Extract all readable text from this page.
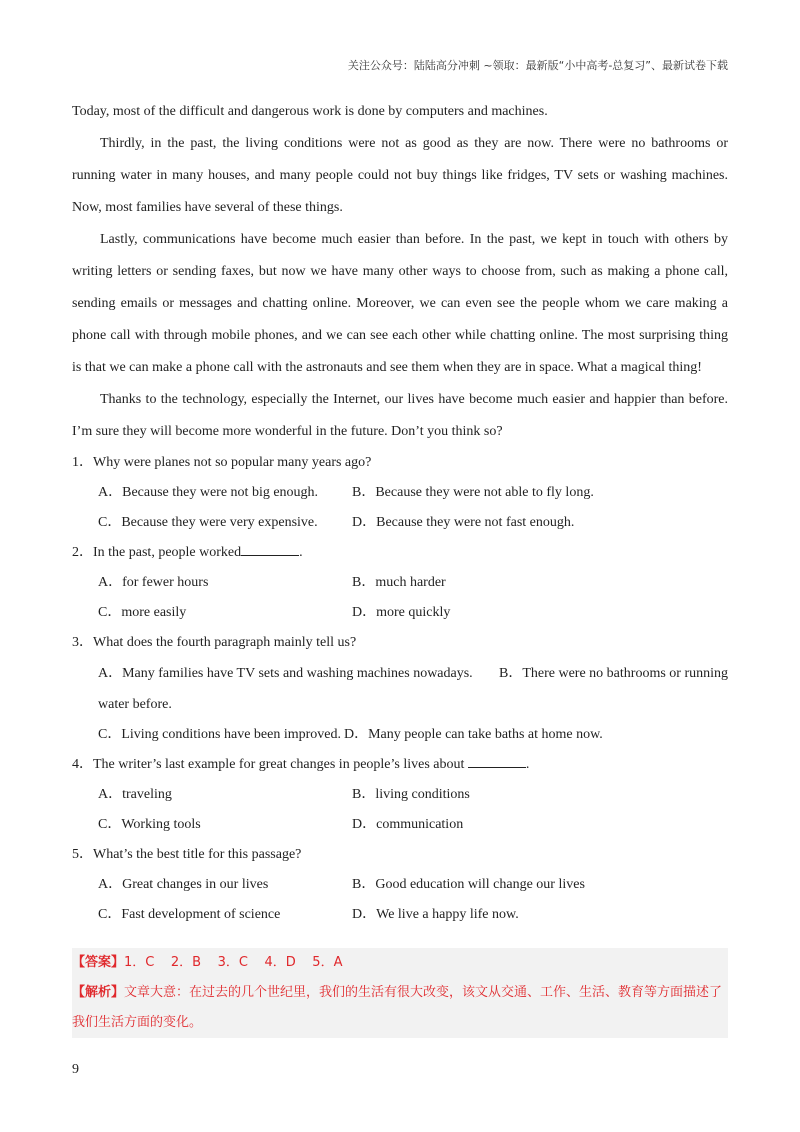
关注公众号：陆陆高分冲刺 ~领取：最新版“小中高考-总复习”、最新试卷下载

Today, most of the difficult and dangerous work is done by computers and machines.

Thirdly, in the past, the living conditions were not as good as they are now. There were no bathrooms or running water in many houses, and many people could not buy things like fridges, TV sets or washing machines. Now, most families have several of these things.

Lastly, communications have become much easier than before. In the past, we kept in touch with others by writing letters or sending faxes, but now we have many other ways to choose from, such as making a phone call, sending emails or messages and chatting online. Moreover, we can even see the people whom we care making a phone call with through mobile phones, and we can see each other while chatting online. The most surprising thing is that we can make a phone call with the astronauts and see them when they are in space. What a magical thing!

Thanks to the technology, especially the Internet, our lives have become much easier and happier than before. I’m sure they will become more wonderful in the future. Don’t you think so?

1．Why were planes not so popular many years ago?

A．Because they were not big enough.	B．Because they were not able to fly long.
C．Because they were very expensive.	D．Because they were not fast enough.

2．In the past, people worked	.

A．for fewer hours	B．much harder
C．more easily	D．more quickly

3．What does the fourth paragraph mainly tell us?

A．Many families have TV sets and washing machines nowadays.	B．There were no bathrooms or running
water before.
C．Living conditions have been improved. D．Many people can take baths at home now.

4．The writer’s last example for great changes in people’s lives about	.

A．traveling	B．living conditions
C．Working tools	D．communication

5．What’s the best title for this passage?

A．Great changes in our lives	B．Good education will change our lives
C．Fast development of science	D．We live a happy life now.
【答案】1．C    2．B    3．C    4．D    5．A
【解析】文章大意：在过去的几个世纪里，我们的生活有很大改变，该文从交通、工作、生活、教育等方面描述了我们生活方面的变化。
9
